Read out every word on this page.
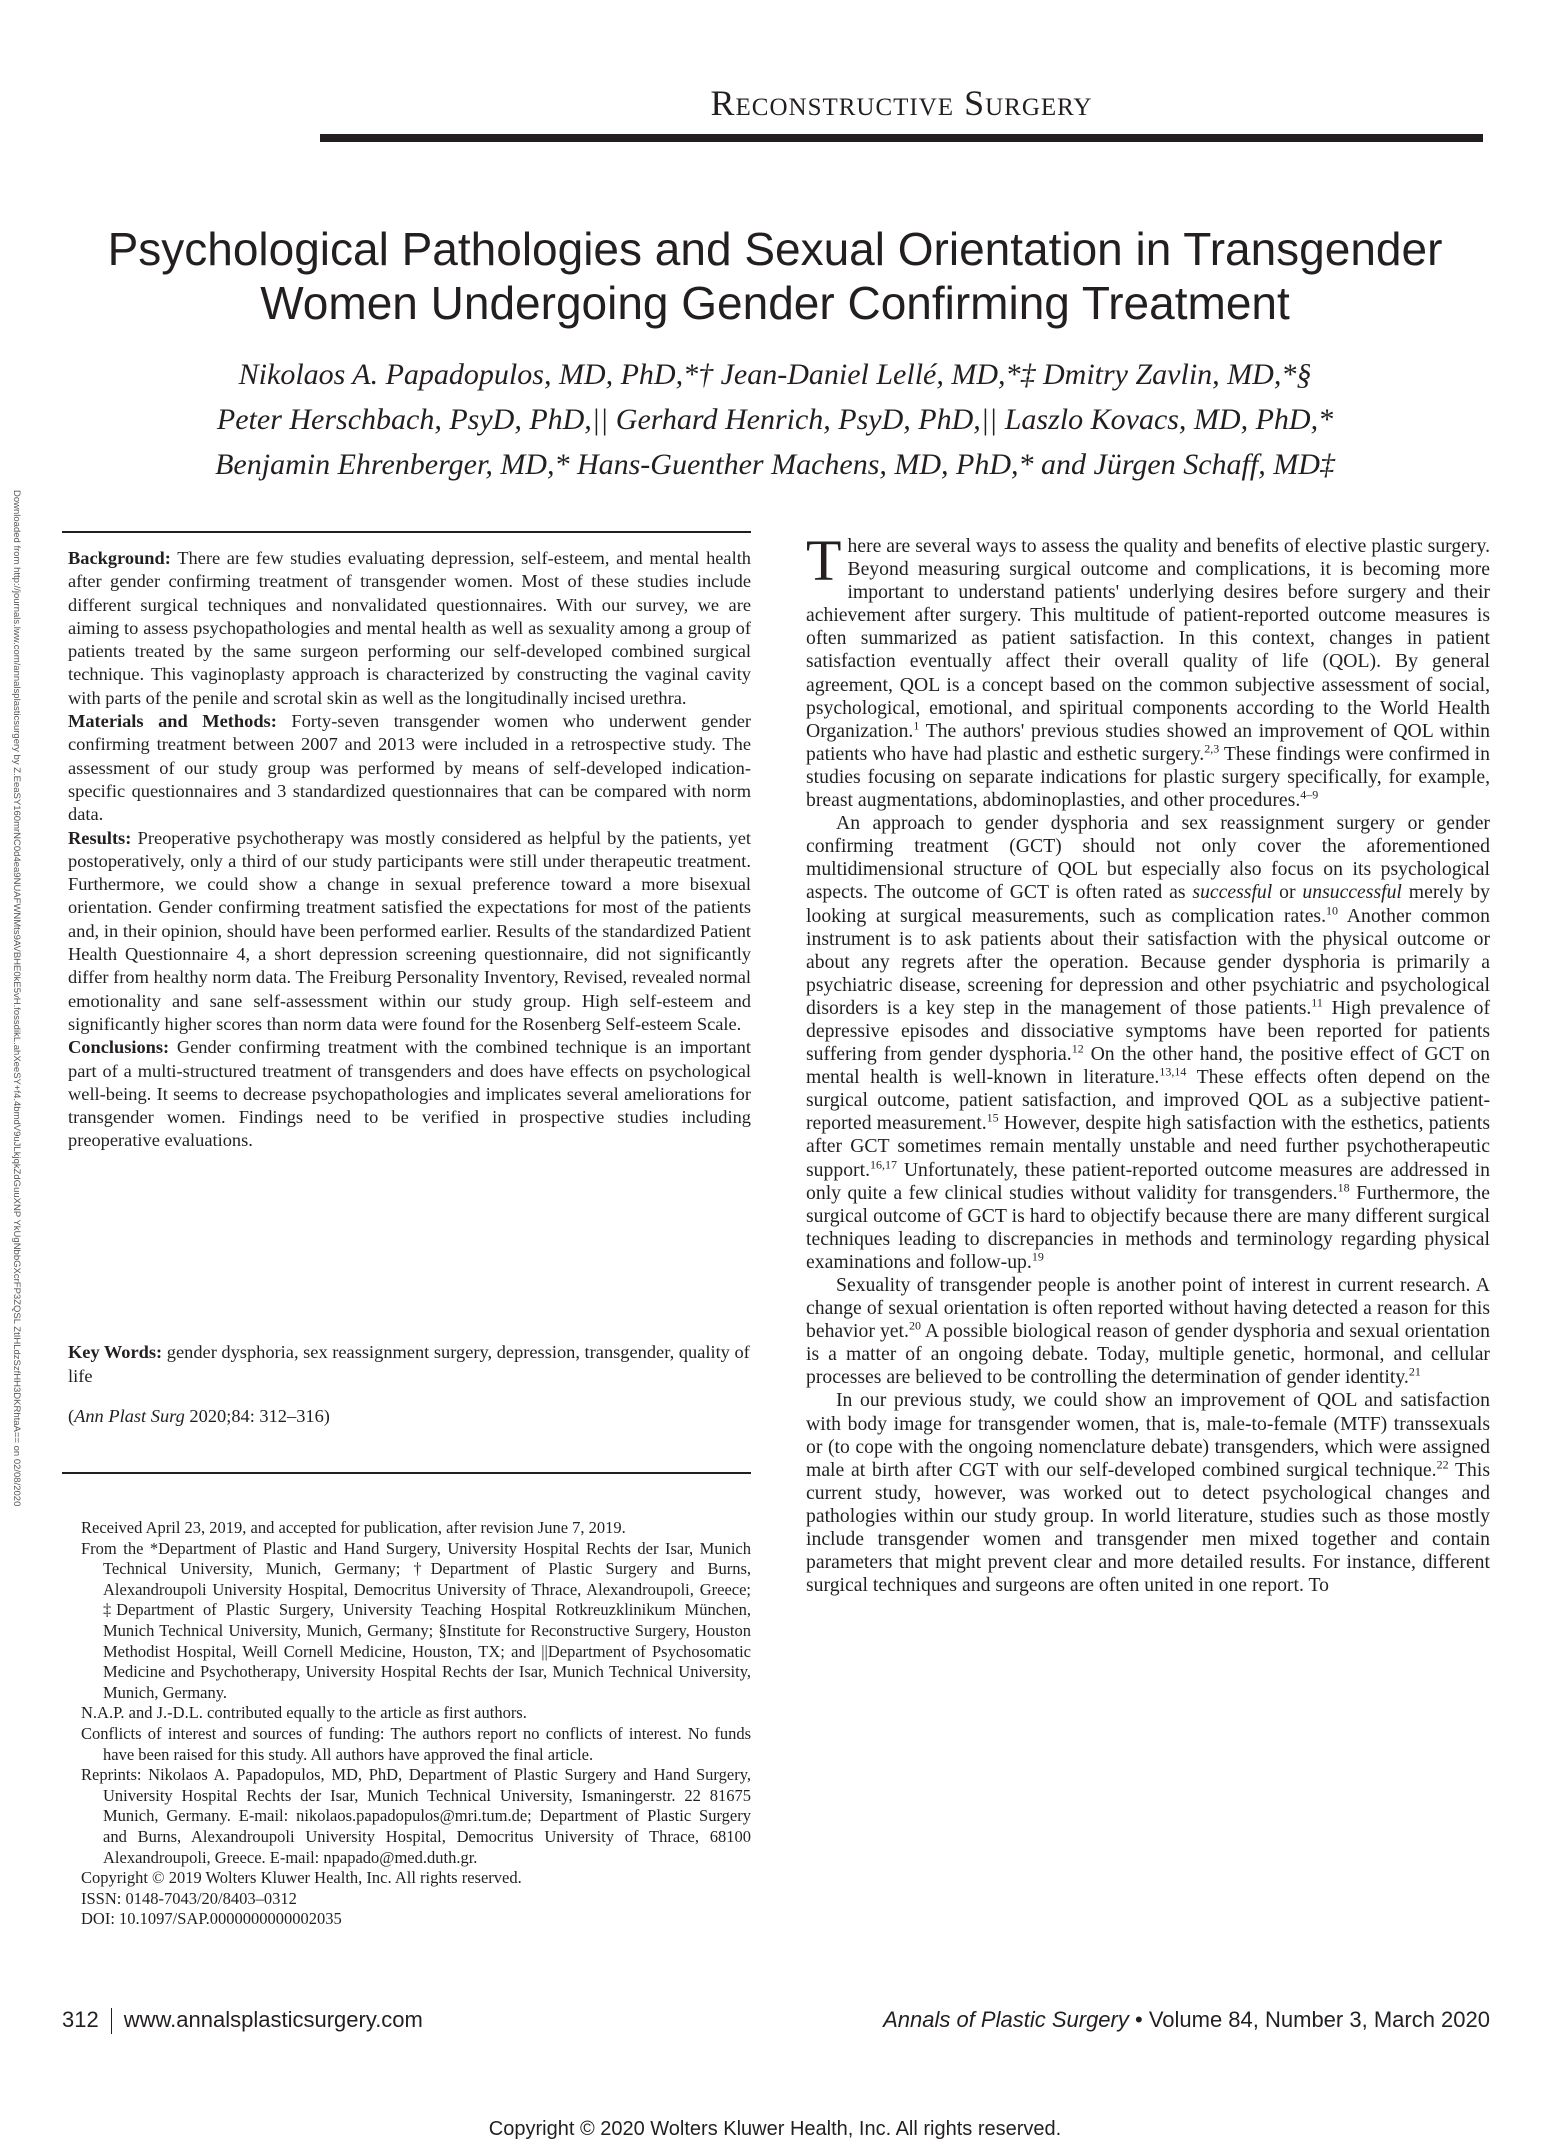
Reconstructive Surgery
Psychological Pathologies and Sexual Orientation in Transgender
Women Undergoing Gender Confirming Treatment
Nikolaos A. Papadopulos, MD, PhD,*† Jean-Daniel Lellé, MD,*‡ Dmitry Zavlin, MD,*§
Peter Herschbach, PsyD, PhD,|| Gerhard Henrich, PsyD, PhD,|| Laszlo Kovacs, MD, PhD,*
Benjamin Ehrenberger, MD,* Hans-Guenther Machens, MD, PhD,* and Jürgen Schaff, MD‡
Downloaded from http://journals.lww.com/annalsplasticsurgery by Z.EeaSY160mrNC0d4ea9NUAFWNMts9AVBHE0kE5vH.fossdikL.ahXeeSY+f4.4bmdV9uJLkjqkZdGuuXNP YkUgNbbGXcrFP3ZQSL ZtIHLdzSzfHH3DKRhtaA== on 02/08/2020	Background: There are few studies evaluating depression, self-esteem, and mental health after gender confirming treatment of transgender women. Most of these studies include different surgical techniques and nonvalidated questionnaires. With our survey, we are aiming to assess psychopathologies and mental health as well as sexuality among a group of patients treated by the same surgeon performing our self-developed combined surgical technique. This vaginoplasty approach is characterized by constructing the vaginal cavity with parts of the penile and scrotal skin as well as the longitudinally incised urethra.

Materials and Methods: Forty-seven transgender women who underwent gender confirming treatment between 2007 and 2013 were included in a retrospective study. The assessment of our study group was performed by means of self-developed indication-specific questionnaires and 3 standardized questionnaires that can be compared with norm data.

Results: Preoperative psychotherapy was mostly considered as helpful by the patients, yet postoperatively, only a third of our study participants were still under therapeutic treatment. Furthermore, we could show a change in sexual preference toward a more bisexual orientation. Gender confirming treatment satisfied the expectations for most of the patients and, in their opinion, should have been performed earlier. Results of the standardized Patient Health Questionnaire 4, a short depression screening questionnaire, did not significantly differ from healthy norm data. The Freiburg Personality Inventory, Revised, revealed normal emotionality and sane self-assessment within our study group. High self-esteem and significantly higher scores than norm data were found for the Rosenberg Self-esteem Scale.

Conclusions: Gender confirming treatment with the combined technique is an important part of a multi-structured treatment of transgenders and does have effects on psychological well-being. It seems to decrease psychopathologies and implicates several ameliorations for transgender women. Findings need to be verified in prospective studies including preoperative evaluations.

Key Words: gender dysphoria, sex reassignment surgery, depression, transgender, quality of life
(Ann Plast Surg 2020;84: 312–316)

Received April 23, 2019, and accepted for publication, after revision June 7, 2019.

From the *Department of Plastic and Hand Surgery, University Hospital Rechts der Isar, Munich Technical University, Munich, Germany; †Department of Plastic Surgery and Burns, Alexandroupoli University Hospital, Democritus University of Thrace, Alexandroupoli, Greece; ‡Department of Plastic Surgery, University Teaching Hospital Rotkreuzklinikum München, Munich Technical University, Munich, Germany; §Institute for Reconstructive Surgery, Houston Methodist Hospital, Weill Cornell Medicine, Houston, TX; and ||Department of Psychosomatic Medicine and Psychotherapy, University Hospital Rechts der Isar, Munich Technical University, Munich, Germany.

N.A.P. and J.-D.L. contributed equally to the article as first authors.

Conflicts of interest and sources of funding: The authors report no conflicts of interest. No funds have been raised for this study. All authors have approved the final article.

Reprints: Nikolaos A. Papadopulos, MD, PhD, Department of Plastic Surgery and Hand Surgery, University Hospital Rechts der Isar, Munich Technical University, Ismaningerstr. 22 81675 Munich, Germany. E-mail: nikolaos.papadopulos@mri.tum.de; Department of Plastic Surgery and Burns, Alexandroupoli University Hospital, Democritus University of Thrace, 68100 Alexandroupoli, Greece. E-mail: npapado@med.duth.gr.

Copyright © 2019 Wolters Kluwer Health, Inc. All rights reserved.

ISSN: 0148-7043/20/8403–0312

DOI: 10.1097/SAP.0000000000002035

There are several ways to assess the quality and benefits of elective plastic surgery. Beyond measuring surgical outcome and complications, it is becoming more important to understand patients' underlying desires before surgery and their achievement after surgery. This multitude of patient-reported outcome measures is often summarized as patient satisfaction. In this context, changes in patient satisfaction eventually affect their overall quality of life (QOL). By general agreement, QOL is a concept based on the common subjective assessment of social, psychological, emotional, and spiritual components according to the World Health Organization.$^1$ The authors' previous studies showed an improvement of QOL within patients who have had plastic and esthetic surgery.$^{2,3}$ These findings were confirmed in studies focusing on separate indications for plastic surgery specifically, for example, breast augmentations, abdominoplasties, and other procedures.$^{4-9}$

An approach to gender dysphoria and sex reassignment surgery or gender confirming treatment (GCT) should not only cover the aforementioned multidimensional structure of QOL but especially also focus on its psychological aspects. The outcome of GCT is often rated as successful or unsuccessful merely by looking at surgical measurements, such as complication rates.$^{10}$ Another common instrument is to ask patients about their satisfaction with the physical outcome or about any regrets after the operation. Because gender dysphoria is primarily a psychiatric disease, screening for depression and other psychiatric and psychological disorders is a key step in the management of those patients.$^{11}$ High prevalence of depressive episodes and dissociative symptoms have been reported for patients suffering from gender dysphoria.$^{12}$ On the other hand, the positive effect of GCT on mental health is well-known in literature.$^{13,14}$ These effects often depend on the surgical outcome, patient satisfaction, and improved QOL as a subjective patient-reported measurement.$^{15}$ However, despite high satisfaction with the esthetics, patients after GCT sometimes remain mentally unstable and need further psychotherapeutic support.$^{16,17}$ Unfortunately, these patient-reported outcome measures are addressed in only quite a few clinical studies without validity for transgenders.$^{18}$ Furthermore, the surgical outcome of GCT is hard to objectify because there are many different surgical techniques leading to discrepancies in methods and terminology regarding physical examinations and follow-up.$^{19}$

Sexuality of transgender people is another point of interest in current research. A change of sexual orientation is often reported without having detected a reason for this behavior yet.$^{20}$ A possible biological reason of gender dysphoria and sexual orientation is a matter of an ongoing debate. Today, multiple genetic, hormonal, and cellular processes are believed to be controlling the determination of gender identity.$^{21}$

In our previous study, we could show an improvement of QOL and satisfaction with body image for transgender women, that is, male-to-female (MTF) transsexuals or (to cope with the ongoing nomenclature debate) transgenders, which were assigned male at birth after CGT with our self-developed combined surgical technique.$^{22}$ This current study, however, was worked out to detect psychological changes and pathologies within our study group. In world literature, studies such as those mostly include transgender women and transgender men mixed together and contain parameters that might prevent clear and more detailed results. For instance, different surgical techniques and surgeons are often united in one report. To

312 www.annalsplasticsurgery.com	Annals of Plastic Surgery • Volume 84, Number 3, March 2020
Copyright © 2020 Wolters Kluwer Health, Inc. All rights reserved.
